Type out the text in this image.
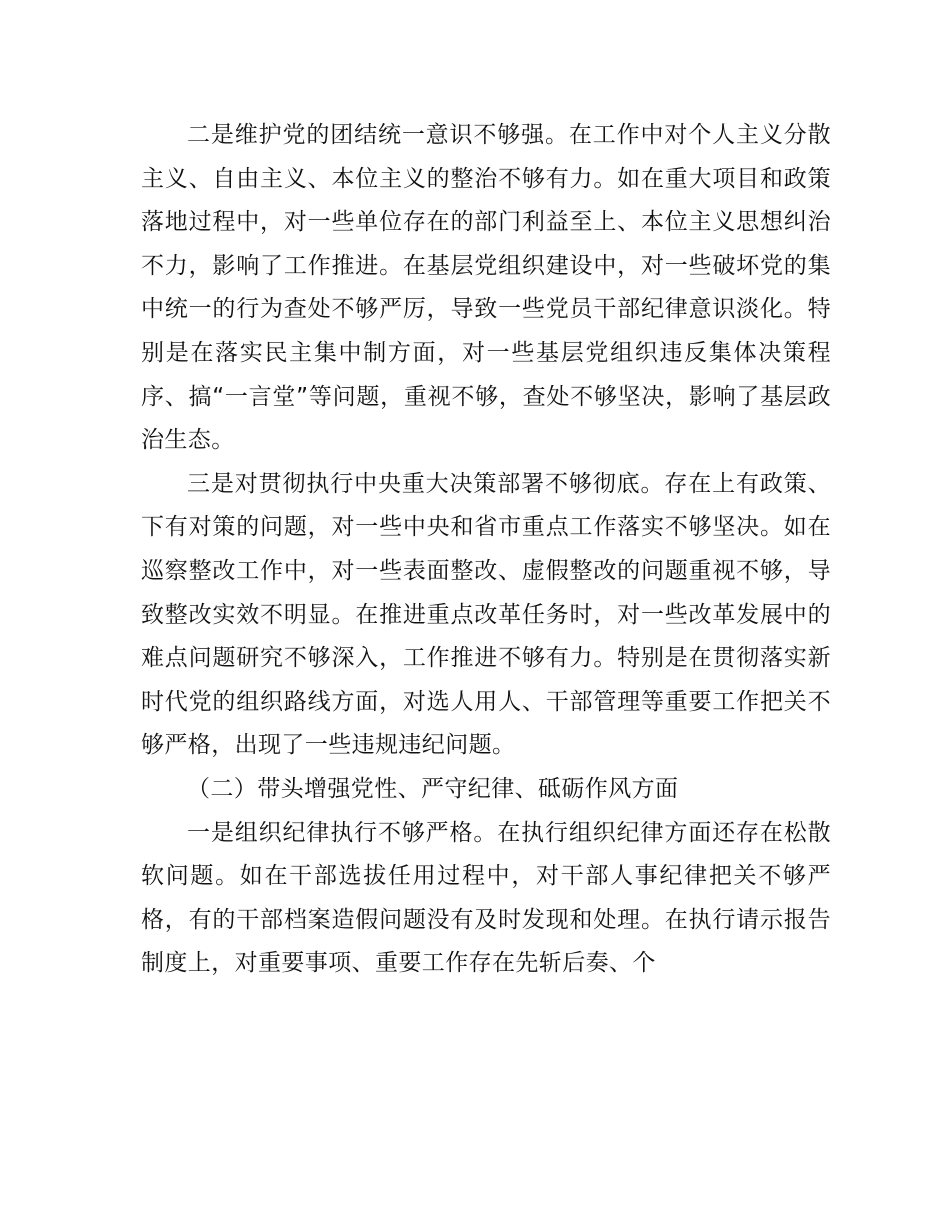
二是维护党的团结统一意识不够强。在工作中对个人主义分散主义、自由主义、本位主义的整治不够有力。如在重大项目和政策落地过程中，对一些单位存在的部门利益至上、本位主义思想纠治不力，影响了工作推进。在基层党组织建设中，对一些破坏党的集中统一的行为查处不够严厉，导致一些党员干部纪律意识淡化。特别是在落实民主集中制方面，对一些基层党组织违反集体决策程序、搞“一言堂”等问题，重视不够，查处不够坚决，影响了基层政治生态。

三是对贯彻执行中央重大决策部署不够彻底。存在上有政策、下有对策的问题，对一些中央和省市重点工作落实不够坚决。如在巡察整改工作中，对一些表面整改、虚假整改的问题重视不够，导致整改实效不明显。在推进重点改革任务时，对一些改革发展中的难点问题研究不够深入，工作推进不够有力。特别是在贯彻落实新时代党的组织路线方面，对选人用人、干部管理等重要工作把关不够严格，出现了一些违规违纪问题。

（二）带头增强党性、严守纪律、砥砺作风方面

一是组织纪律执行不够严格。在执行组织纪律方面还存在松散软问题。如在干部选拔任用过程中，对干部人事纪律把关不够严格，有的干部档案造假问题没有及时发现和处理。在执行请示报告制度上，对重要事项、重要工作存在先斩后奏、个
